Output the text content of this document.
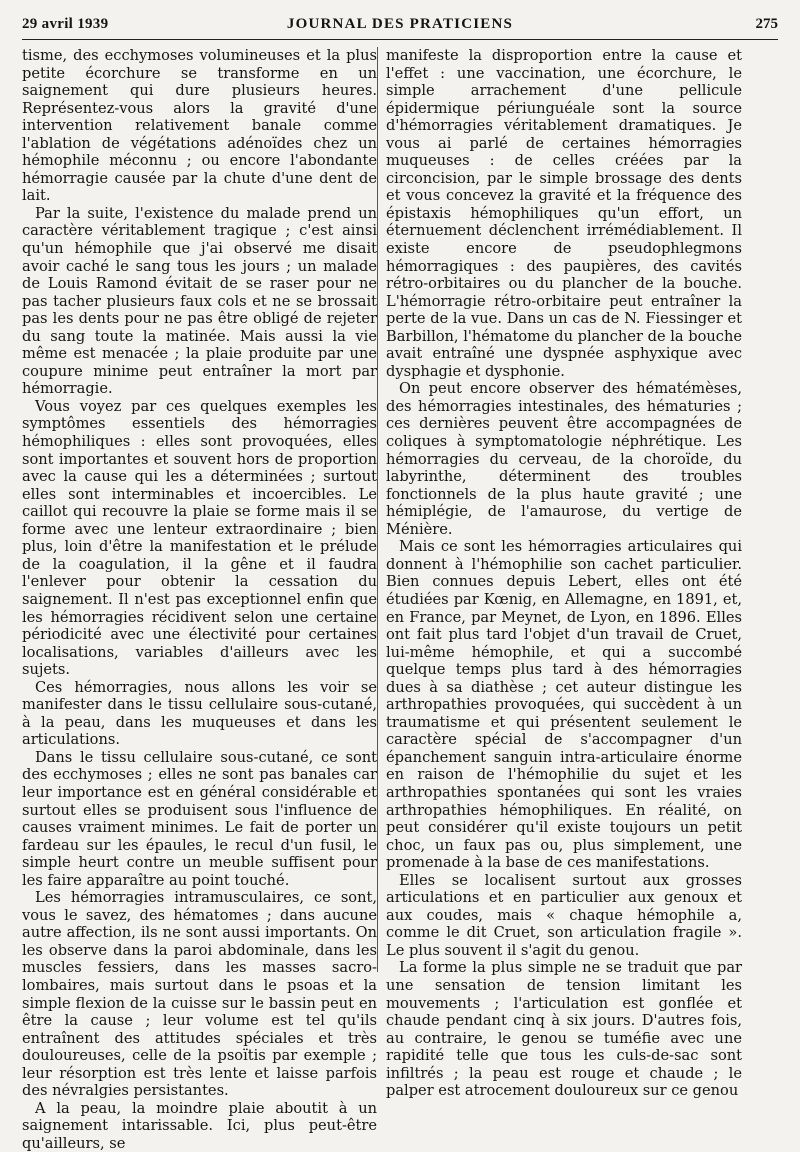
29 avril 1939	JOURNAL DES PRATICIENS	275

tisme, des ecchymoses volumineuses et la plus petite écorchure se transforme en un saignement qui dure plusieurs heures. Représentez-vous alors la gravité d'une intervention relativement banale comme l'ablation de végétations adénoïdes chez un hémophile méconnu ; ou encore l'abondante hémorragie causée par la chute d'une dent de lait.

Par la suite, l'existence du malade prend un caractère véritablement tragique ; c'est ainsi qu'un hémophile que j'ai observé me disait avoir caché le sang tous les jours ; un malade de Louis Ramond évitait de se raser pour ne pas tacher plusieurs faux cols et ne se brossait pas les dents pour ne pas être obligé de rejeter du sang toute la matinée. Mais aussi la vie même est menacée ; la plaie produite par une coupure minime peut entraîner la mort par hémorragie.

Vous voyez par ces quelques exemples les symptômes essentiels des hémorragies hémophiliques : elles sont provoquées, elles sont importantes et souvent hors de proportion avec la cause qui les a déterminées ; surtout elles sont interminables et incoercibles. Le caillot qui recouvre la plaie se forme mais il se forme avec une lenteur extraordinaire ; bien plus, loin d'être la manifestation et le prélude de la coagulation, il la gêne et il faudra l'enlever pour obtenir la cessation du saignement. Il n'est pas exceptionnel enfin que les hémorragies récidivent selon une certaine périodicité avec une électivité pour certaines localisations, variables d'ailleurs avec les sujets.

Ces hémorragies, nous allons les voir se manifester dans le tissu cellulaire sous-cutané, à la peau, dans les muqueuses et dans les articulations.

Dans le tissu cellulaire sous-cutané, ce sont des ecchymoses ; elles ne sont pas banales car leur importance est en général considérable et surtout elles se produisent sous l'influence de causes vraiment minimes. Le fait de porter un fardeau sur les épaules, le recul d'un fusil, le simple heurt contre un meuble suffisent pour les faire apparaître au point touché.

Les hémorragies intramusculaires, ce sont, vous le savez, des hématomes ; dans aucune autre affection, ils ne sont aussi importants. On les observe dans la paroi abdominale, dans les muscles fessiers, dans les masses sacro-lombaires, mais surtout dans le psoas et la simple flexion de la cuisse sur le bassin peut en être la cause ; leur volume est tel qu'ils entraînent des attitudes spéciales et très douloureuses, celle de la psoïtis par exemple ; leur résorption est très lente et laisse parfois des névralgies persistantes.

A la peau, la moindre plaie aboutit à un saignement intarissable. Ici, plus peut-être qu'ailleurs, se

manifeste la disproportion entre la cause et l'effet : une vaccination, une écorchure, le simple arrachement d'une pellicule épidermique périunguéale sont la source d'hémorragies véritablement dramatiques. Je vous ai parlé de certaines hémorragies muqueuses : de celles créées par la circoncision, par le simple brossage des dents et vous concevez la gravité et la fréquence des épistaxis hémophiliques qu'un effort, un éternuement déclenchent irrémédiablement. Il existe encore de pseudophlegmons hémorragiques : des paupières, des cavités rétro-orbitaires ou du plancher de la bouche. L'hémorragie rétro-orbitaire peut entraîner la perte de la vue. Dans un cas de N. Fiessinger et Barbillon, l'hématome du plancher de la bouche avait entraîné une dyspnée asphyxique avec dysphagie et dysphonie.

On peut encore observer des hématémèses, des hémorragies intestinales, des hématuries ; ces dernières peuvent être accompagnées de coliques à symptomatologie néphrétique. Les hémorragies du cerveau, de la choroïde, du labyrinthe, déterminent des troubles fonctionnels de la plus haute gravité ; une hémiplégie, de l'amaurose, du vertige de Ménière.

Mais ce sont les hémorragies articulaires qui donnent à l'hémophilie son cachet particulier. Bien connues depuis Lebert, elles ont été étudiées par Kœnig, en Allemagne, en 1891, et, en France, par Meynet, de Lyon, en 1896. Elles ont fait plus tard l'objet d'un travail de Cruet, lui-même hémophile, et qui a succombé quelque temps plus tard à des hémorragies dues à sa diathèse ; cet auteur distingue les arthropathies provoquées, qui succèdent à un traumatisme et qui présentent seulement le caractère spécial de s'accompagner d'un épanchement sanguin intra-articulaire énorme en raison de l'hémophilie du sujet et les arthropathies spontanées qui sont les vraies arthropathies hémophiliques. En réalité, on peut considérer qu'il existe toujours un petit choc, un faux pas ou, plus simplement, une promenade à la base de ces manifestations.

Elles se localisent surtout aux grosses articulations et en particulier aux genoux et aux coudes, mais « chaque hémophile a, comme le dit Cruet, son articulation fragile ». Le plus souvent il s'agit du genou.

La forme la plus simple ne se traduit que par une sensation de tension limitant les mouvements ; l'articulation est gonflée et chaude pendant cinq à six jours. D'autres fois, au contraire, le genou se tuméfie avec une rapidité telle que tous les culs-de-sac sont infiltrés ; la peau est rouge et chaude ; le palper est atrocement douloureux sur ce genou
